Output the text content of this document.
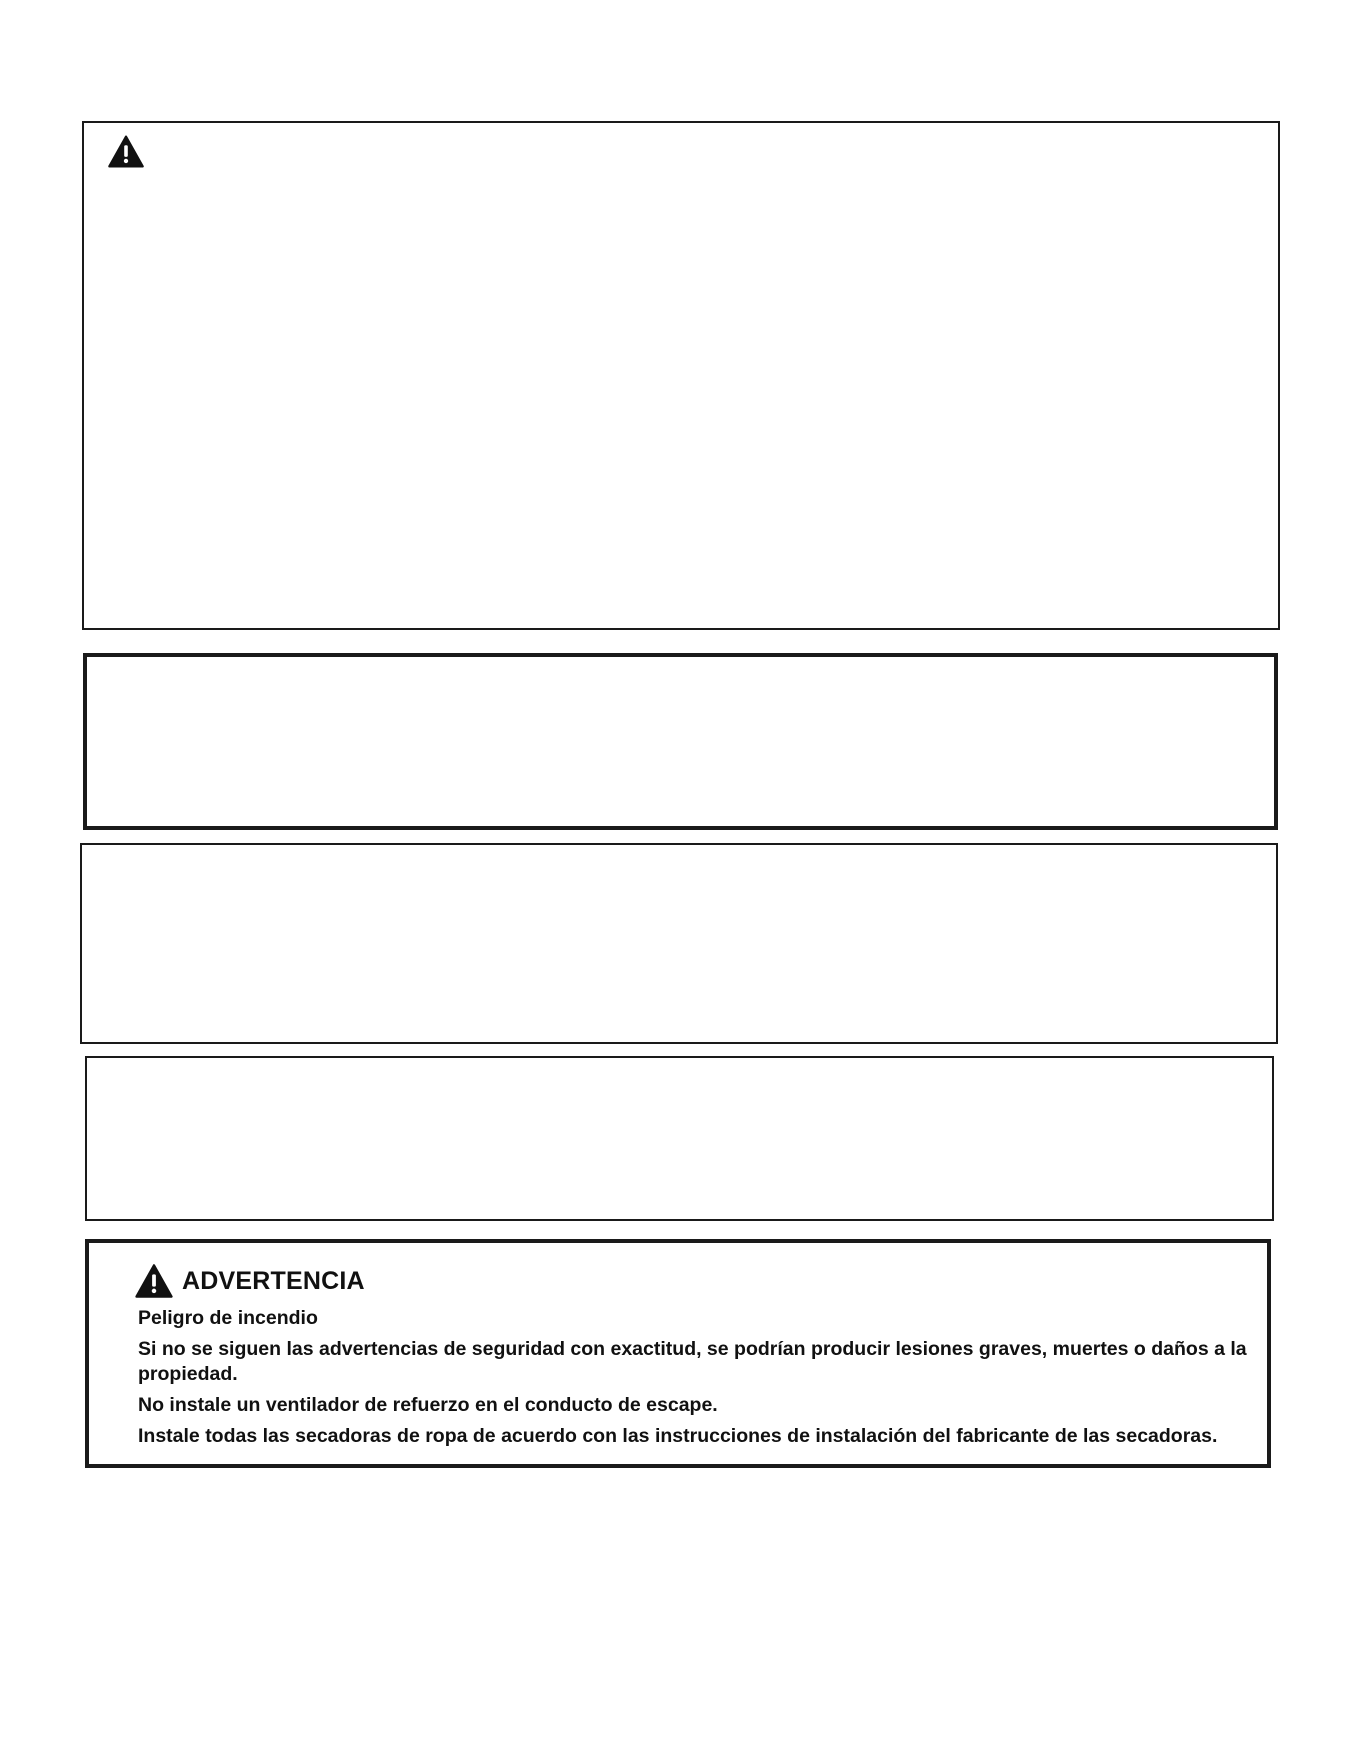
ADVERTENCIA

Peligro de incendio

Si no se siguen las advertencias de seguridad con exactitud, se podrían producir lesiones graves, muertes o daños a la propiedad.

No instale un ventilador de refuerzo en el conducto de escape.

Instale todas las secadoras de ropa de acuerdo con las instrucciones de instalación del fabricante de las secadoras.
